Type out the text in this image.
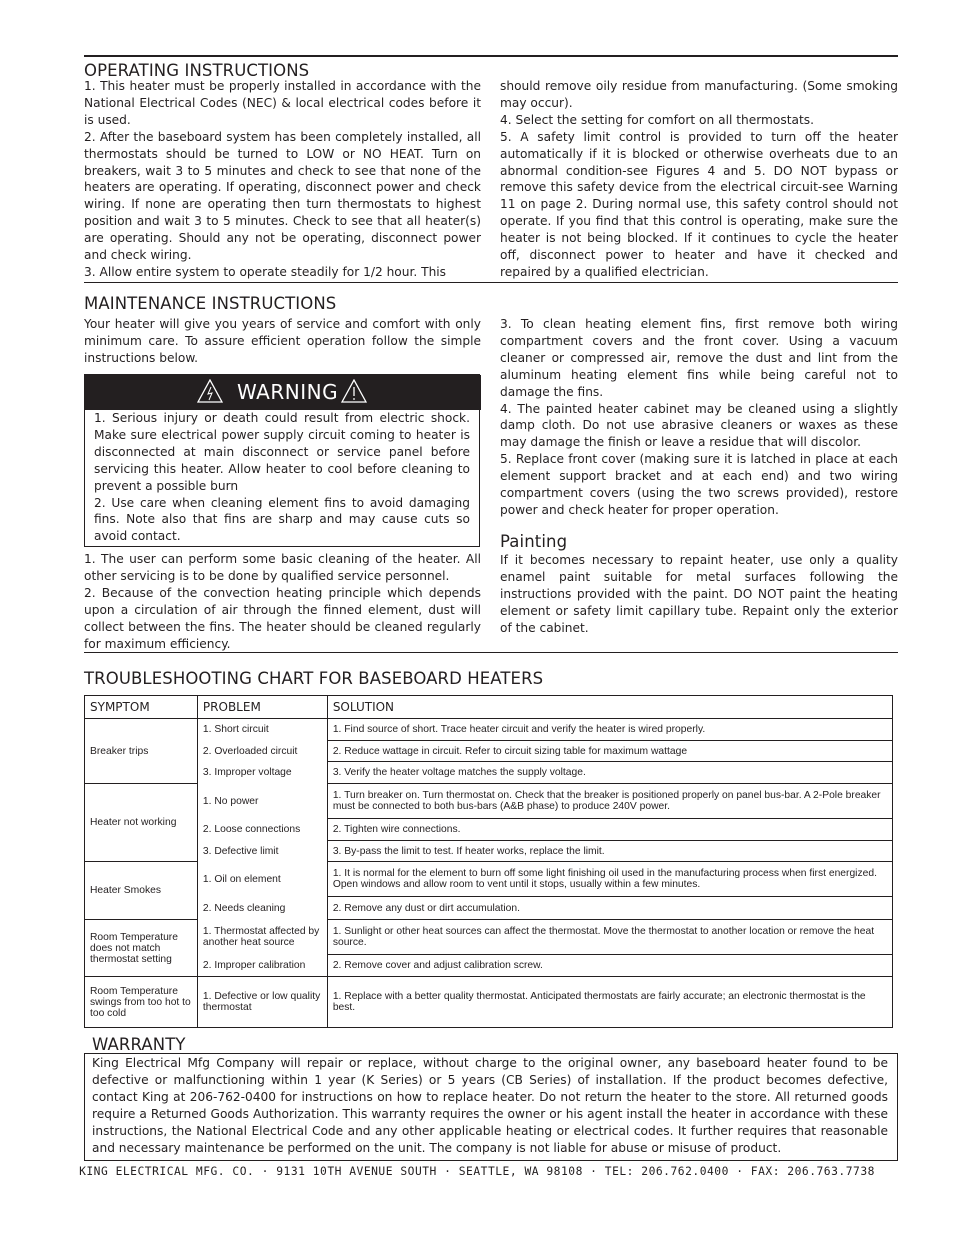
OPERATING INSTRUCTIONS

1. This heater must be properly installed in accordance with the National Electrical Codes (NEC) & local electrical codes before it is used.

2. After the baseboard system has been completely installed, all thermostats should be turned to LOW or NO HEAT. Turn on breakers, wait 3 to 5 minutes and check to see that none of the heaters are operating. If operating, disconnect power and check wiring. If none are operating then turn thermostats to highest position and wait 3 to 5 minutes. Check to see that all heater(s) are operating. Should any not be operating, disconnect power and check wiring.

3. Allow entire system to operate steadily for 1/2 hour. This

should remove oily residue from manufacturing. (Some smoking may occur).

4. Select the setting for comfort on all thermostats.

5. A safety limit control is provided to turn off the heater automatically if it is blocked or otherwise overheats due to an abnormal condition-see Figures 4 and 5. DO NOT bypass or remove this safety device from the electrical circuit-see Warning 11 on page 2. During normal use, this safety control should not operate. If you find that this control is operating, make sure the heater is not being blocked. If it continues to cycle the heater off, disconnect power to heater and have it checked and repaired by a qualified electrician.

MAINTENANCE INSTRUCTIONS

Your heater will give you years of service and comfort with only minimum care. To assure efficient operation follow the simple instructions below.

WARNING

1. Serious injury or death could result from electric shock. Make sure electrical power supply circuit coming to heater is disconnected at main disconnect or service panel before servicing this heater. Allow heater to cool before cleaning to prevent a possible burn

2. Use care when cleaning element fins to avoid damaging fins. Note also that fins are sharp and may cause cuts so avoid contact.

1. The user can perform some basic cleaning of the heater. All other servicing is to be done by qualified service personnel.

2. Because of the convection heating principle which depends upon a circulation of air through the finned element, dust will collect between the fins. The heater should be cleaned regularly for maximum efficiency.

3. To clean heating element fins, first remove both wiring compartment covers and the front cover. Using a vacuum cleaner or compressed air, remove the dust and lint from the aluminum heating element fins while being careful not to damage the fins.

4. The painted heater cabinet may be cleaned using a slightly damp cloth. Do not use abrasive cleaners or waxes as these may damage the finish or leave a residue that will discolor.

5. Replace front cover (making sure it is latched in place at each element support bracket and at each end) and two wiring compartment covers (using the two screws provided), restore power and check heater for proper operation.

Painting

If it becomes necessary to repaint heater, use only a quality enamel paint suitable for metal surfaces following the instructions provided with the paint. DO NOT paint the heating element or safety limit capillary tube. Repaint only the exterior of the cabinet.

TROUBLESHOOTING CHART FOR BASEBOARD HEATERS
SYMPTOM	PROBLEM	SOLUTION
Breaker trips	1. Short circuit	1. Find source of short. Trace heater circuit and verify the heater is wired properly.
	2. Overloaded circuit	2. Reduce wattage in circuit. Refer to circuit sizing table for maximum wattage
	3. Improper voltage	3. Verify the heater voltage matches the supply voltage.
Heater not working	1. No power	1. Turn breaker on. Turn thermostat on. Check that the breaker is positioned properly on panel bus-bar. A 2-Pole breaker must be connected to both bus-bars (A&B phase) to produce 240V power.
	2. Loose connections	2. Tighten wire connections.
	3. Defective limit	3. By-pass the limit to test. If heater works, replace the limit.
Heater Smokes	1. Oil on element	1. It is normal for the element to burn off some light finishing oil used in the manufacturing process when first energized. Open windows and allow room to vent until it stops, usually within a few minutes.
	2. Needs cleaning	2. Remove any dust or dirt accumulation.
Room Temperature does not match thermostat setting	1. Thermostat affected by another heat source	1. Sunlight or other heat sources can affect the thermostat. Move the thermostat to another location or remove the heat source.
	2. Improper calibration	2. Remove cover and adjust calibration screw.
Room Temperature swings from too hot to too cold	1. Defective or low quality thermostat	1. Replace with a better quality thermostat. Anticipated thermostats are fairly accurate; an electronic thermostat is the best.
WARRANTY
King Electrical Mfg Company will repair or replace, without charge to the original owner, any baseboard heater found to be defective or malfunctioning within 1 year (K Series) or 5 years (CB Series) of installation. If the product becomes defective, contact King at 206-762-0400 for instructions on how to replace heater. Do not return the heater to the store. All returned goods require a Returned Goods Authorization. This warranty requires the owner or his agent install the heater in accordance with these instructions, the National Electrical Code and any other applicable heating or electrical codes. It further requires that reasonable and necessary maintenance be performed on the unit. The company is not liable for abuse or misuse of product.
KING ELECTRICAL MFG. CO. · 9131 10TH AVENUE SOUTH · SEATTLE, WA 98108 · TEL: 206.762.0400 · FAX: 206.763.7738
